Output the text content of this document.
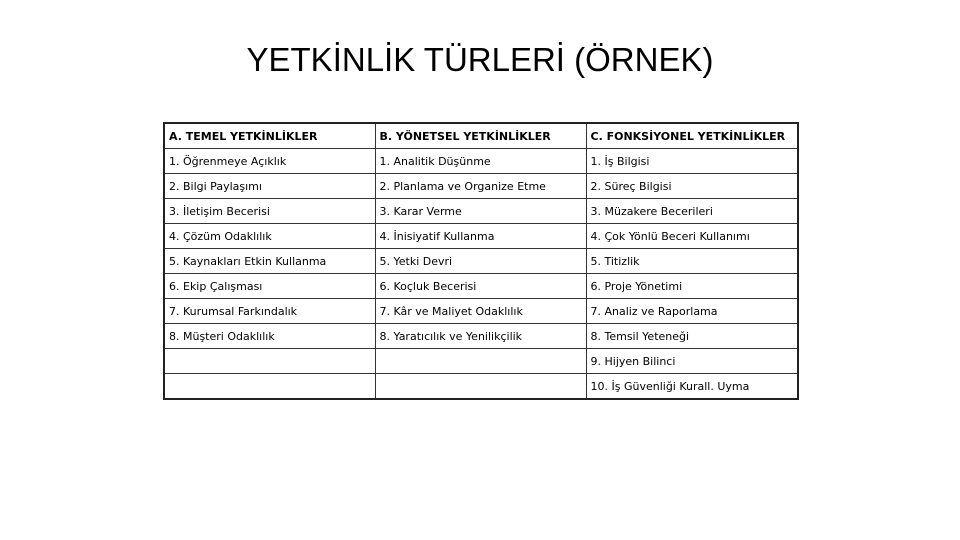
YETKİNLİK TÜRLERİ (ÖRNEK)
A. TEMEL YETKİNLİKLER	B. YÖNETSEL YETKİNLİKLER	C. FONKSİYONEL YETKİNLİKLER
1. Öğrenmeye Açıklık	1. Analitik Düşünme	1. İş Bilgisi
2. Bilgi Paylaşımı	2. Planlama ve Organize Etme	2. Süreç Bilgisi
3. İletişim Becerisi	3. Karar Verme	3. Müzakere Becerileri
4. Çözüm Odaklılık	4. İnisiyatif Kullanma	4. Çok Yönlü Beceri Kullanımı
5. Kaynakları Etkin Kullanma	5. Yetki Devri	5. Titizlik
6. Ekip Çalışması	6. Koçluk Becerisi	6. Proje Yönetimi
7. Kurumsal Farkındalık	7. Kâr ve Maliyet Odaklılık	7. Analiz ve Raporlama
8. Müşteri Odaklılık	8. Yaratıcılık ve Yenilikçilik	8. Temsil Yeteneği
		9. Hijyen Bilinci
		10. İş Güvenliği Kurall. Uyma
